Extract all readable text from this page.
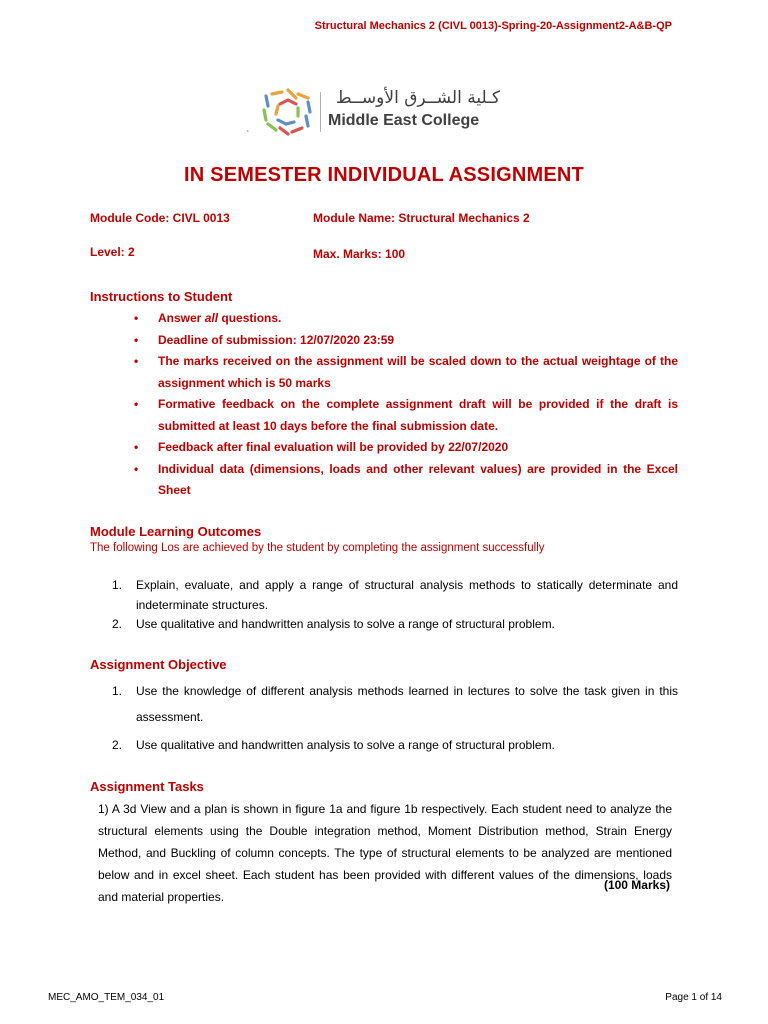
Structural Mechanics 2 (CIVL 0013)-Spring-20-Assignment2-A&B-QP
كـلية الشــرق الأوســط
Middle East College
`
IN SEMESTER INDIVIDUAL ASSIGNMENT
Module Code: CIVL 0013	Module Name: Structural Mechanics 2
Level: 2	Max. Marks: 100
Instructions to Student
• Answer all questions.
• Deadline of submission: 12/07/2020 23:59
• The marks received on the assignment will be scaled down to the actual weightage of the assignment which is 50 marks
• Formative feedback on the complete assignment draft will be provided if the draft is submitted at least 10 days before the final submission date.
• Feedback after final evaluation will be provided by 22/07/2020
• Individual data (dimensions, loads and other relevant values) are provided in the Excel Sheet
Module Learning Outcomes
The following Los are achieved by the student by completing the assignment successfully
1. Explain, evaluate, and apply a range of structural analysis methods to statically determinate and indeterminate structures.
2. Use qualitative and handwritten analysis to solve a range of structural problem.
Assignment Objective
1. Use the knowledge of different analysis methods learned in lectures to solve the task given in this assessment.
2. Use qualitative and handwritten analysis to solve a range of structural problem.
Assignment Tasks
1) A 3d View and a plan is shown in figure 1a and figure 1b respectively. Each student need to analyze the structural elements using the Double integration method, Moment Distribution method, Strain Energy Method, and Buckling of column concepts. The type of structural elements to be analyzed are mentioned below and in excel sheet. Each student has been provided with different values of the dimensions, loads and material properties.
(100 Marks)
MEC_AMO_TEM_034_01	Page 1 of 14
